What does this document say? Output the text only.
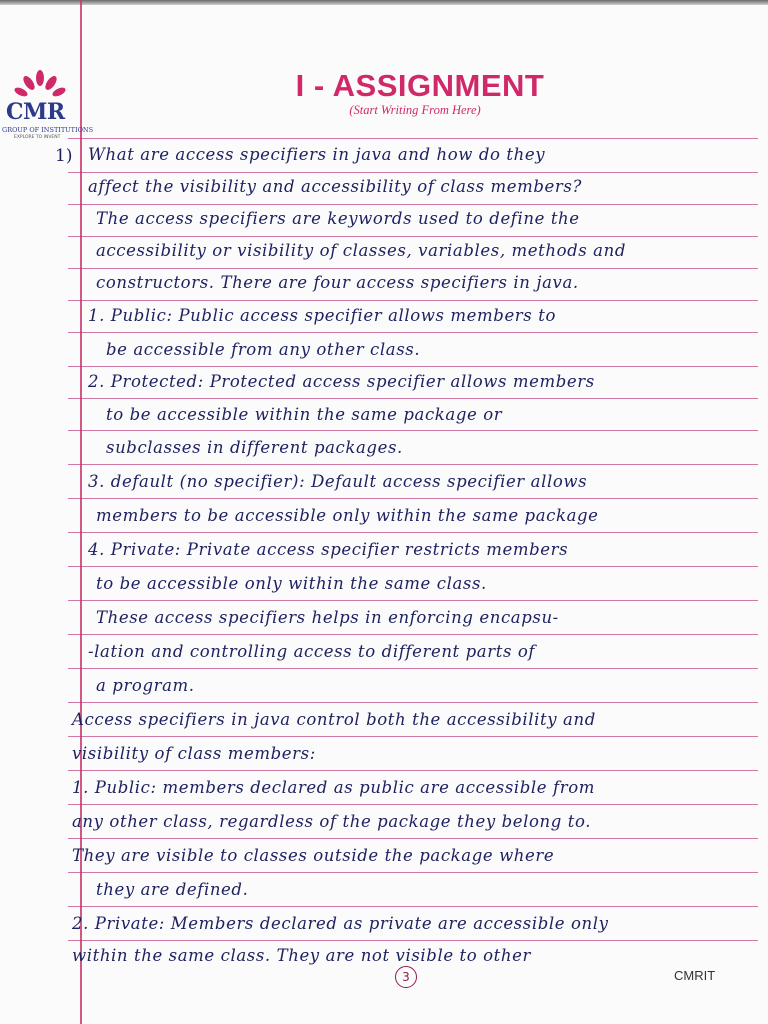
CMR
GROUP OF INSTITUTIONS
EXPLORE TO INVENT
I - ASSIGNMENT
(Start Writing From Here)
1) What are access specifiers in java and how do they
affect the visibility and accessibility of class members?
The access specifiers are keywords used to define the
accessibility or visibility of classes, variables, methods and
constructors. There are four access specifiers in java.
1. Public: Public access specifier allows members to
be accessible from any other class.
2. Protected: Protected access specifier allows members
to be accessible within the same package or
subclasses in different packages.
3. default (no specifier): Default access specifier allows
members to be accessible only within the same package
4. Private: Private access specifier restricts members
to be accessible only within the same class.
These access specifiers helps in enforcing encapsu-
-lation and controlling access to different parts of
a program.
Access specifiers in java control both the accessibility and
visibility of class members:
1. Public: members declared as public are accessible from
any other class, regardless of the package they belong to.
They are visible to classes outside the package where
they are defined.
2. Private: Members declared as private are accessible only
within the same class. They are not visible to other
3	CMRIT
